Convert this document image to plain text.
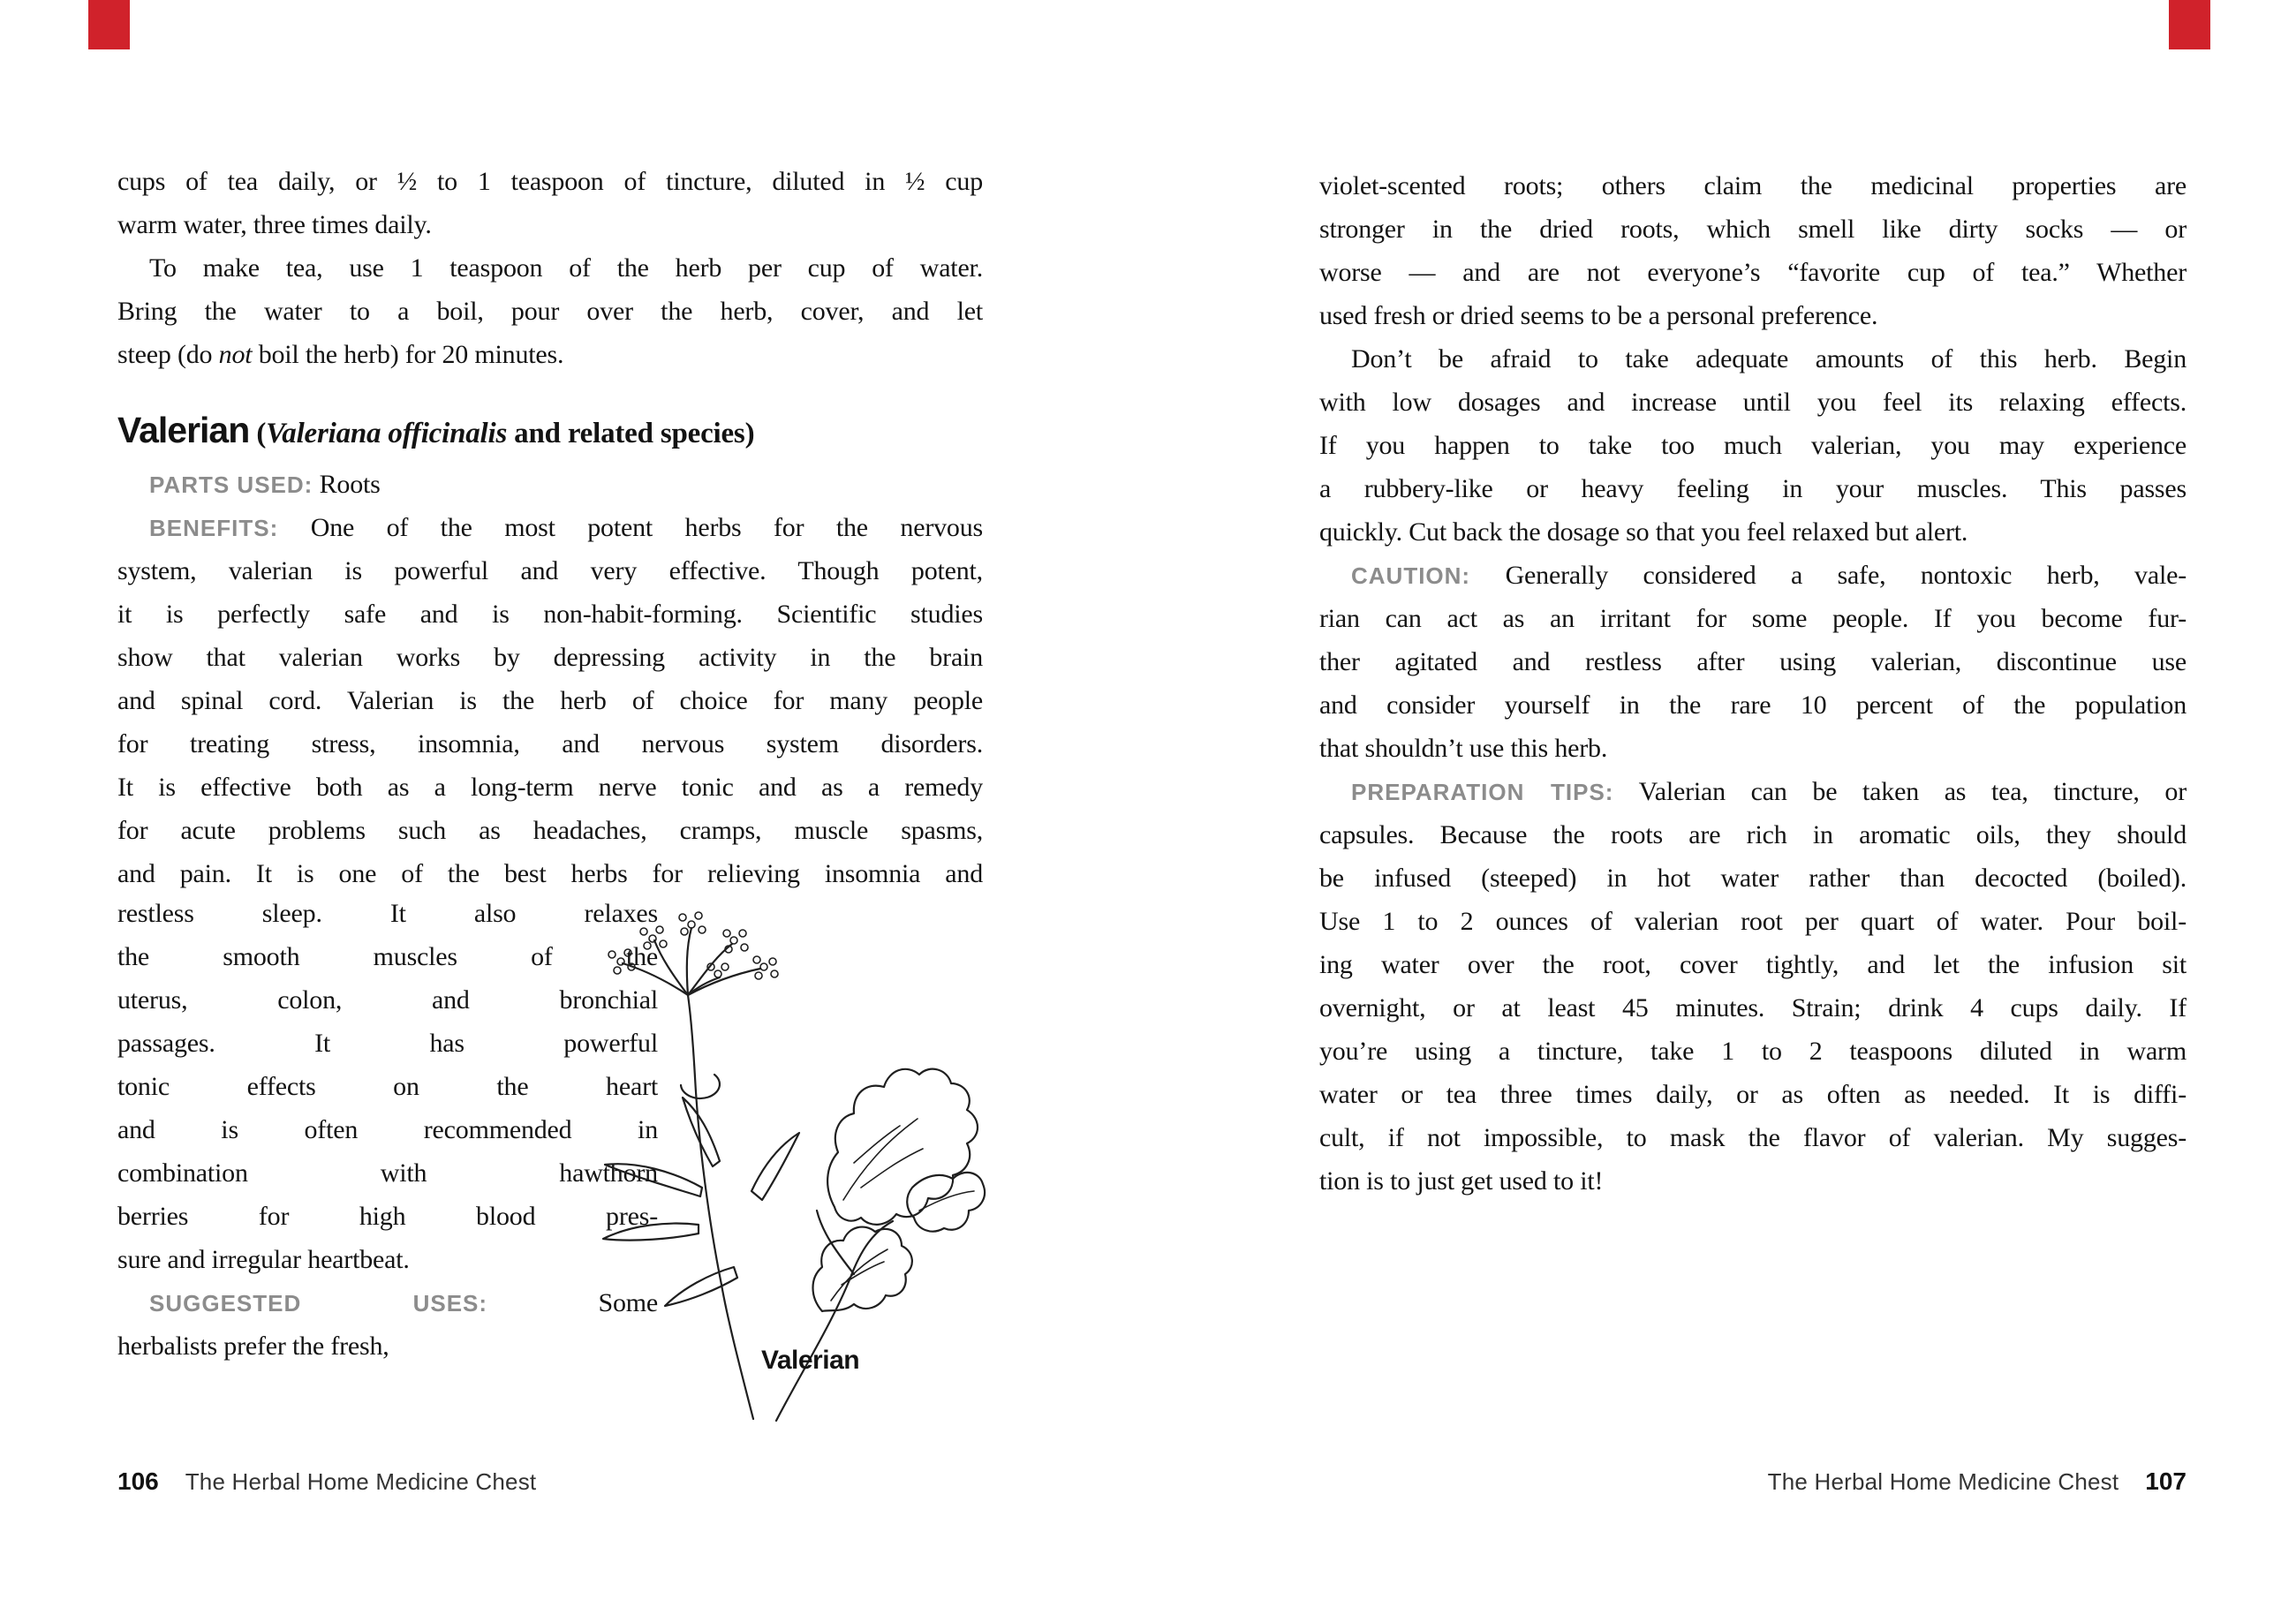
cups of tea daily, or ½ to 1 teaspoon of tincture, diluted in ½ cup
warm water, three times daily.
To make tea, use 1 teaspoon of the herb per cup of water.
Bring the water to a boil, pour over the herb, cover, and let
steep (do not boil the herb) for 20 minutes.
Valerian (Valeriana officinalis and related species)
PARTS USED: Roots
BENEFITS: One of the most potent herbs for the nervous
system, valerian is powerful and very effective. Though potent,
it is perfectly safe and is non-habit-forming. Scientific studies
show that valerian works by depressing activity in the brain
and spinal cord. Valerian is the herb of choice for many people
for treating stress, insomnia, and nervous system disorders.
It is effective both as a long-term nerve tonic and as a remedy
for acute problems such as headaches, cramps, muscle spasms,
and pain. It is one of the best herbs for relieving insomnia and
restless sleep. It also relaxes
the smooth muscles of the
uterus, colon, and bronchial
passages. It has powerful
tonic effects on the heart
and is often recommended in
combination with hawthorn
berries for high blood pres-
sure and irregular heartbeat.
SUGGESTED USES: Some
herbalists prefer the fresh,	Valerian
106 The Herbal Home Medicine Chest
violet-scented roots; others claim the medicinal properties are
stronger in the dried roots, which smell like dirty socks — or
worse — and are not everyone’s “favorite cup of tea.” Whether
used fresh or dried seems to be a personal preference.
Don’t be afraid to take adequate amounts of this herb. Begin
with low dosages and increase until you feel its relaxing effects.
If you happen to take too much valerian, you may experience
a rubbery-like or heavy feeling in your muscles. This passes
quickly. Cut back the dosage so that you feel relaxed but alert.
CAUTION: Generally considered a safe, nontoxic herb, vale-
rian can act as an irritant for some people. If you become fur-
ther agitated and restless after using valerian, discontinue use
and consider yourself in the rare 10 percent of the population
that shouldn’t use this herb.
PREPARATION TIPS: Valerian can be taken as tea, tincture, or
capsules. Because the roots are rich in aromatic oils, they should
be infused (steeped) in hot water rather than decocted (boiled).
Use 1 to 2 ounces of valerian root per quart of water. Pour boil-
ing water over the root, cover tightly, and let the infusion sit
overnight, or at least 45 minutes. Strain; drink 4 cups daily. If
you’re using a tincture, take 1 to 2 teaspoons diluted in warm
water or tea three times daily, or as often as needed. It is diffi-
cult, if not impossible, to mask the flavor of valerian. My sugges-
tion is to just get used to it!
The Herbal Home Medicine Chest 107
